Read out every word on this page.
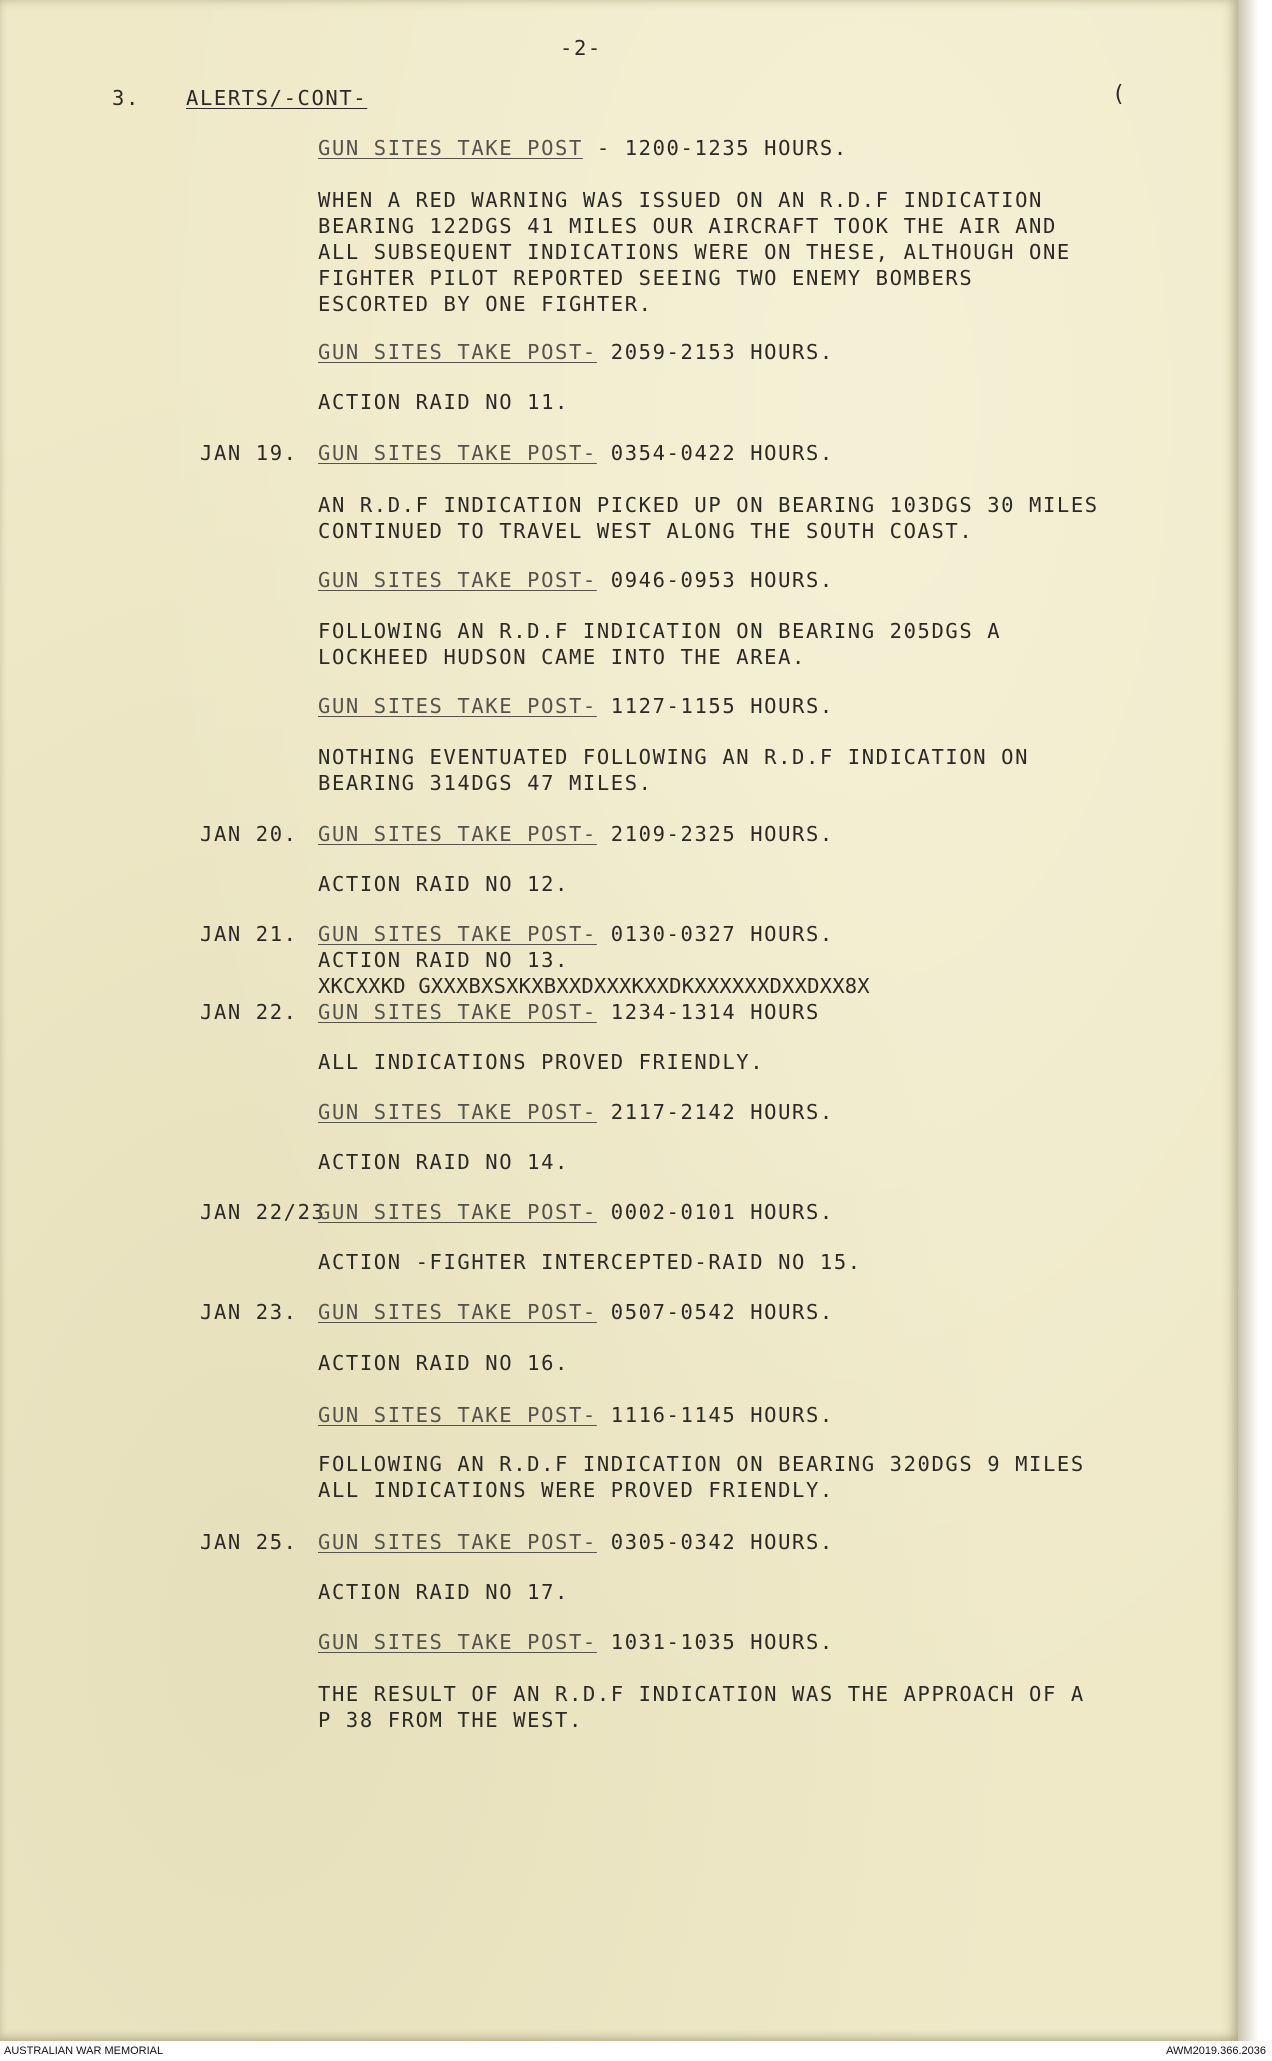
-2-
3. ALERTS/-CONT-	(
GUN SITES TAKE POST - 1200-1235 HOURS.
WHEN A RED WARNING WAS ISSUED ON AN R.D.F INDICATION
BEARING 122DGS 41 MILES OUR AIRCRAFT TOOK THE AIR AND
ALL SUBSEQUENT INDICATIONS WERE ON THESE, ALTHOUGH ONE
FIGHTER PILOT REPORTED SEEING TWO ENEMY BOMBERS
ESCORTED BY ONE FIGHTER.
GUN SITES TAKE POST- 2059-2153 HOURS.
ACTION RAID NO 11.
JAN 19. GUN SITES TAKE POST- 0354-0422 HOURS.
AN R.D.F INDICATION PICKED UP ON BEARING 103DGS 30 MILES
CONTINUED TO TRAVEL WEST ALONG THE SOUTH COAST.
GUN SITES TAKE POST- 0946-0953 HOURS.
FOLLOWING AN R.D.F INDICATION ON BEARING 205DGS A
LOCKHEED HUDSON CAME INTO THE AREA.
GUN SITES TAKE POST- 1127-1155 HOURS.
NOTHING EVENTUATED FOLLOWING AN R.D.F INDICATION ON
BEARING 314DGS 47 MILES.
JAN 20. GUN SITES TAKE POST- 2109-2325 HOURS.
ACTION RAID NO 12.
JAN 21. GUN SITES TAKE POST- 0130-0327 HOURS.
ACTION RAID NO 13.
XKCXXKD GXXXBXSXKXBXXDXXXKXXDKXXXXXXDXXDXX8X
JAN 22. GUN SITES TAKE POST- 1234-1314 HOURS
ALL INDICATIONS PROVED FRIENDLY.
GUN SITES TAKE POST- 2117-2142 HOURS.
ACTION RAID NO 14.
JAN 22/23
GUN SITES TAKE POST- 0002-0101 HOURS.
ACTION -FIGHTER INTERCEPTED-RAID NO 15.
JAN 23. GUN SITES TAKE POST- 0507-0542 HOURS.
ACTION RAID NO 16.
GUN SITES TAKE POST- 1116-1145 HOURS.
FOLLOWING AN R.D.F INDICATION ON BEARING 320DGS 9 MILES
ALL INDICATIONS WERE PROVED FRIENDLY.
JAN 25. GUN SITES TAKE POST- 0305-0342 HOURS.
ACTION RAID NO 17.
GUN SITES TAKE POST- 1031-1035 HOURS.
THE RESULT OF AN R.D.F INDICATION WAS THE APPROACH OF A
P 38 FROM THE WEST.
AUSTRALIAN WAR MEMORIAL	AWM2019.366.2036
